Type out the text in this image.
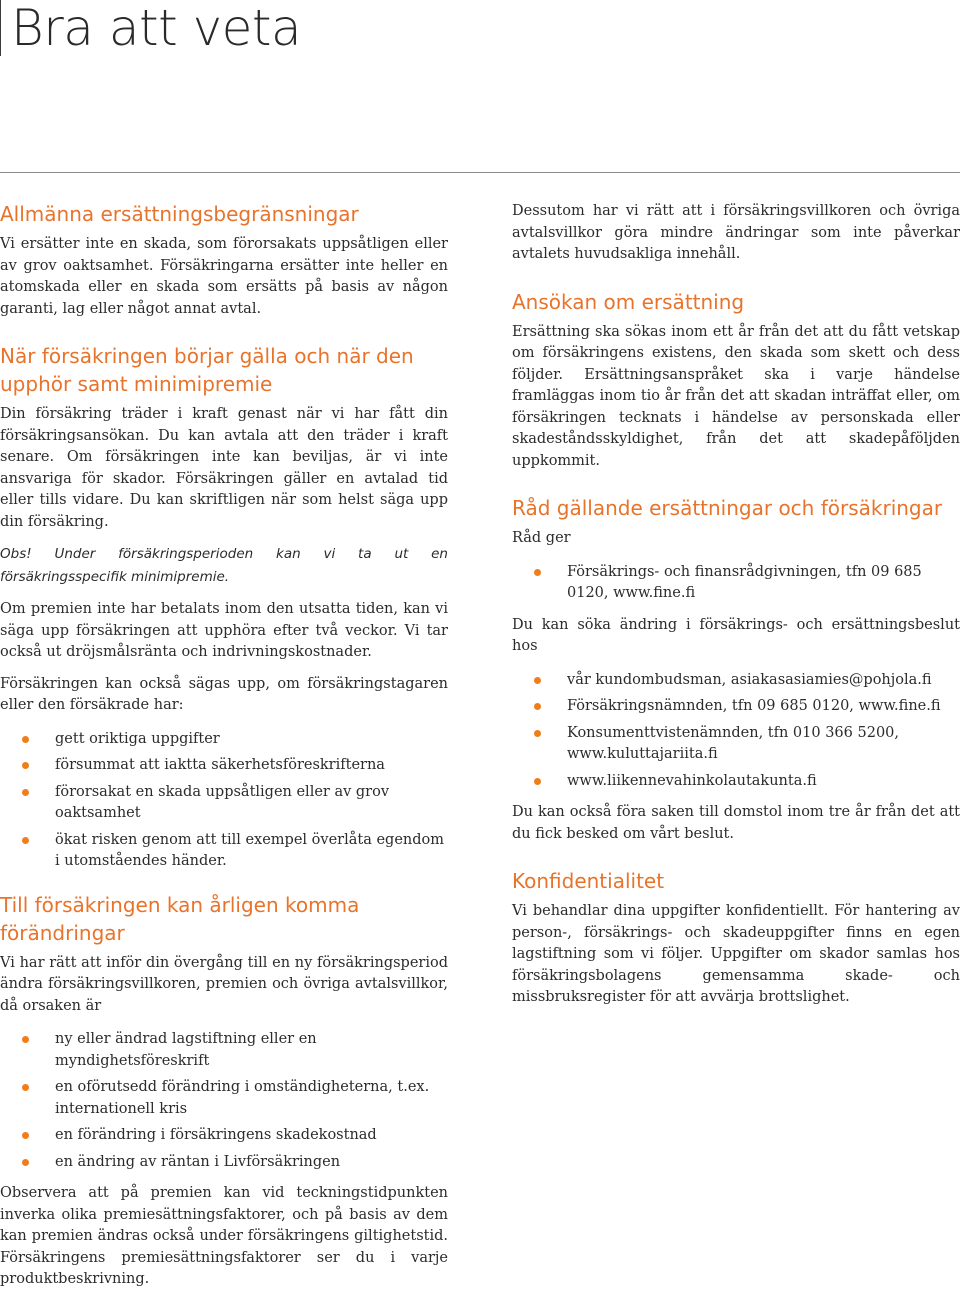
Bra att veta
Allmänna ersättningsbegränsningar

Vi ersätter inte en skada, som förorsakats uppsåtligen eller av grov oaktsamhet. Försäkringarna ersätter inte heller en atomskada eller en skada som ersätts på basis av någon garanti, lag eller något annat avtal.

När försäkringen börjar gälla och när den upphör samt minimipremie

Din försäkring träder i kraft genast när vi har fått din försäkringsansökan. Du kan avtala att den träder i kraft senare. Om försäkringen inte kan beviljas, är vi inte ansvariga för skador. Försäkringen gäller en avtalad tid eller tills vidare. Du kan skriftligen när som helst säga upp din försäkring.

Obs! Under försäkringsperioden kan vi ta ut en försäkringsspecifik minimipremie.

Om premien inte har betalats inom den utsatta tiden, kan vi säga upp försäkringen att upphöra efter två veckor. Vi tar också ut dröjsmålsränta och indrivningskostnader.

Försäkringen kan också sägas upp, om försäkringstagaren eller den försäkrade har:

gett oriktiga uppgifter
försummat att iaktta säkerhetsföreskrifterna
förorsakat en skada uppsåtligen eller av grov oaktsamhet
ökat risken genom att till exempel överlåta egendom i utomståendes händer.
Till försäkringen kan årligen komma förändringar

Vi har rätt att inför din övergång till en ny försäkringsperiod ändra försäkringsvillkoren, premien och övriga avtalsvillkor, då orsaken är

ny eller ändrad lagstiftning eller en myndighetsföreskrift
en oförutsedd förändring i omständigheterna, t.ex. internationell kris
en förändring i försäkringens skadekostnad
en ändring av räntan i Livförsäkringen

Observera att på premien kan vid teckningstidpunkten inverka olika premiesättningsfaktorer, och på basis av dem kan premien ändras också under försäkringens giltighetstid. Försäkringens premiesättningsfaktorer ser du i varje produktbeskrivning.

Dessutom har vi rätt att i försäkringsvillkoren och övriga avtalsvillkor göra mindre ändringar som inte påverkar avtalets huvudsakliga innehåll.

Ansökan om ersättning

Ersättning ska sökas inom ett år från det att du fått vetskap om försäkringens existens, den skada som skett och dess följder. Ersättningsanspråket ska i varje händelse framläggas inom tio år från det att skadan inträffat eller, om försäkringen tecknats i händelse av personskada eller skadeståndsskyldighet, från det att skadepåföljden uppkommit.

Råd gällande ersättningar och försäkringar

Råd ger

Försäkrings- och finansrådgivningen, tfn 09 685 0120, www.fine.fi

Du kan söka ändring i försäkrings- och ersättningsbeslut hos

vår kundombudsman, asiakasasiamies@pohjola.fi
Försäkringsnämnden, tfn 09 685 0120, www.fine.fi
Konsumenttvistenämnden, tfn 010 366 5200, www.kuluttajariita.fi
www.liikennevahinkolautakunta.fi

Du kan också föra saken till domstol inom tre år från det att du fick besked om vårt beslut.

Konfidentialitet

Vi behandlar dina uppgifter konfidentiellt. För hantering av person-, försäkrings- och skadeuppgifter finns en egen lagstiftning som vi följer. Uppgifter om skador samlas hos försäkringsbolagens gemensamma skade- och missbruksregister för att avvärja brottslighet.
